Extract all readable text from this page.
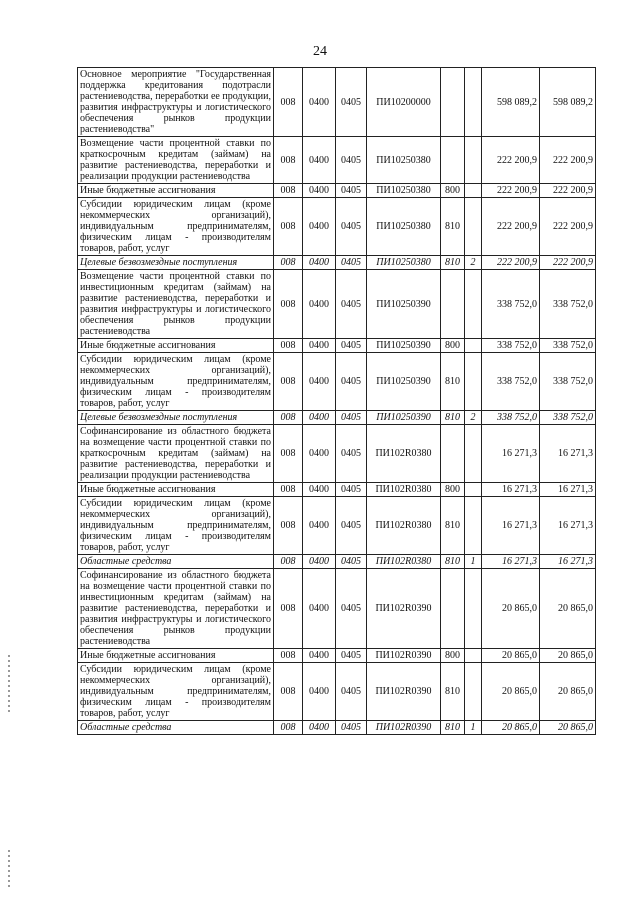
24
Основное мероприятие "Государственная поддержка кредитования подотрасли растениеводства, переработки ее продукции, развития инфраструктуры и логистического обеспечения рынков продукции растениеводства"	008	0400	0405	ПИ10200000			598 089,2	598 089,2
Возмещение части процентной ставки по краткосрочным кредитам (займам) на развитие растениеводства, переработки и реализации продукции растениеводства	008	0400	0405	ПИ10250380			222 200,9	222 200,9
Иные бюджетные ассигнования	008	0400	0405	ПИ10250380	800		222 200,9	222 200,9
Субсидии юридическим лицам (кроме некоммерческих организаций), индивидуальным предпринимателям, физическим лицам - производителям товаров, работ, услуг	008	0400	0405	ПИ10250380	810		222 200,9	222 200,9
Целевые безвозмездные поступления	008	0400	0405	ПИ10250380	810	2	222 200,9	222 200,9
Возмещение части процентной ставки по инвестиционным кредитам (займам) на развитие растениеводства, переработки и развития инфраструктуры и логистического обеспечения рынков продукции растениеводства	008	0400	0405	ПИ10250390			338 752,0	338 752,0
Иные бюджетные ассигнования	008	0400	0405	ПИ10250390	800		338 752,0	338 752,0
Субсидии юридическим лицам (кроме некоммерческих организаций), индивидуальным предпринимателям, физическим лицам - производителям товаров, работ, услуг	008	0400	0405	ПИ10250390	810		338 752,0	338 752,0
Целевые безвозмездные поступления	008	0400	0405	ПИ10250390	810	2	338 752,0	338 752,0
Софинансирование из областного бюджета на возмещение части процентной ставки по краткосрочным кредитам (займам) на развитие растениеводства, переработки и реализации продукции растениеводства	008	0400	0405	ПИ102R0380			16 271,3	16 271,3
Иные бюджетные ассигнования	008	0400	0405	ПИ102R0380	800		16 271,3	16 271,3
Субсидии юридическим лицам (кроме некоммерческих организаций), индивидуальным предпринимателям, физическим лицам - производителям товаров, работ, услуг	008	0400	0405	ПИ102R0380	810		16 271,3	16 271,3
Областные средства	008	0400	0405	ПИ102R0380	810	1	16 271,3	16 271,3
Софинансирование из областного бюджета на возмещение части процентной ставки по инвестиционным кредитам (займам) на развитие растениеводства, переработки и развития инфраструктуры и логистического обеспечения рынков продукции растениеводства	008	0400	0405	ПИ102R0390			20 865,0	20 865,0
Иные бюджетные ассигнования	008	0400	0405	ПИ102R0390	800		20 865,0	20 865,0
Субсидии юридическим лицам (кроме некоммерческих организаций), индивидуальным предпринимателям, физическим лицам - производителям товаров, работ, услуг	008	0400	0405	ПИ102R0390	810		20 865,0	20 865,0
Областные средства	008	0400	0405	ПИ102R0390	810	1	20 865,0	20 865,0
